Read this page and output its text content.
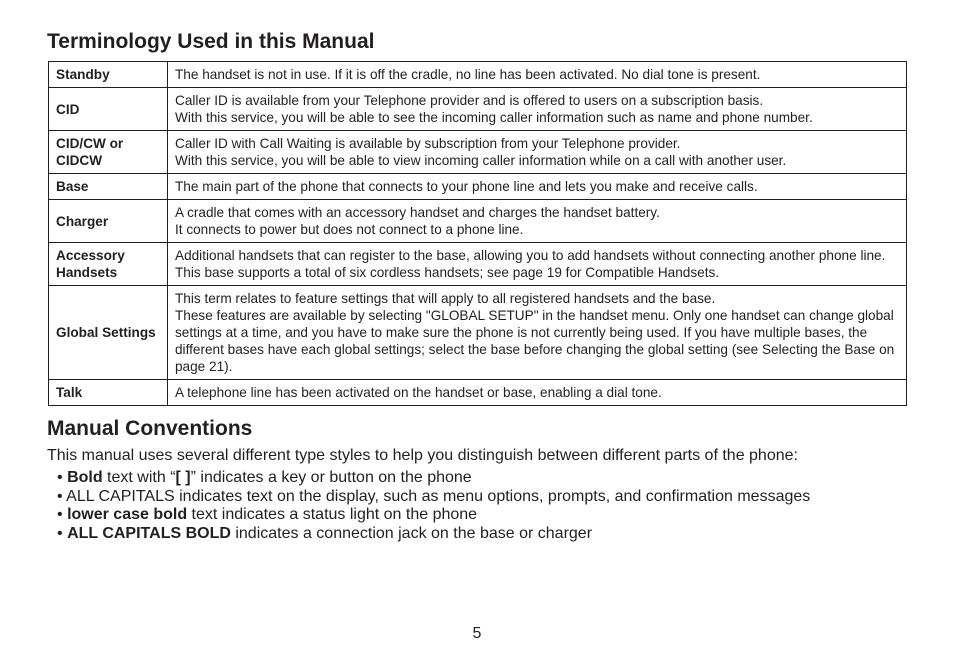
Terminology Used in this Manual
Standby	The handset is not in use. If it is off the cradle, no line has been activated. No dial tone is present.

CID	Caller ID is available from your Telephone provider and is offered to users on a subscription basis.
With this service, you will be able to see the incoming caller information such as name and phone number.

CID/CW or CIDCW	Caller ID with Call Waiting is available by subscription from your Telephone provider.
With this service, you will be able to view incoming caller information while on a call with another user.

Base	The main part of the phone that connects to your phone line and lets you make and receive calls.

Charger	A cradle that comes with an accessory handset and charges the handset battery.
It connects to power but does not connect to a phone line.

Accessory Handsets	Additional handsets that can register to the base, allowing you to add handsets without connecting another phone line. This base supports a total of six cordless handsets; see page 19 for Compatible Handsets.

Global Settings	This term relates to feature settings that will apply to all registered handsets and the base.
These features are available by selecting "GLOBAL SETUP" in the handset menu. Only one handset can change global settings at a time, and you have to make sure the phone is not currently being used. If you have multiple bases, the different bases have each global settings; select the base before changing the global setting (see Selecting the Base on page 21).

Talk	A telephone line has been activated on the handset or base, enabling a dial tone.
Manual Conventions

This manual uses several different type styles to help you distinguish between different parts of the phone:

• Bold text with “[ ]” indicates a key or button on the phone
• ALL CAPITALS indicates text on the display, such as menu options, prompts, and confirmation messages
• lower case bold text indicates a status light on the phone
• ALL CAPITALS BOLD indicates a connection jack on the base or charger
5
